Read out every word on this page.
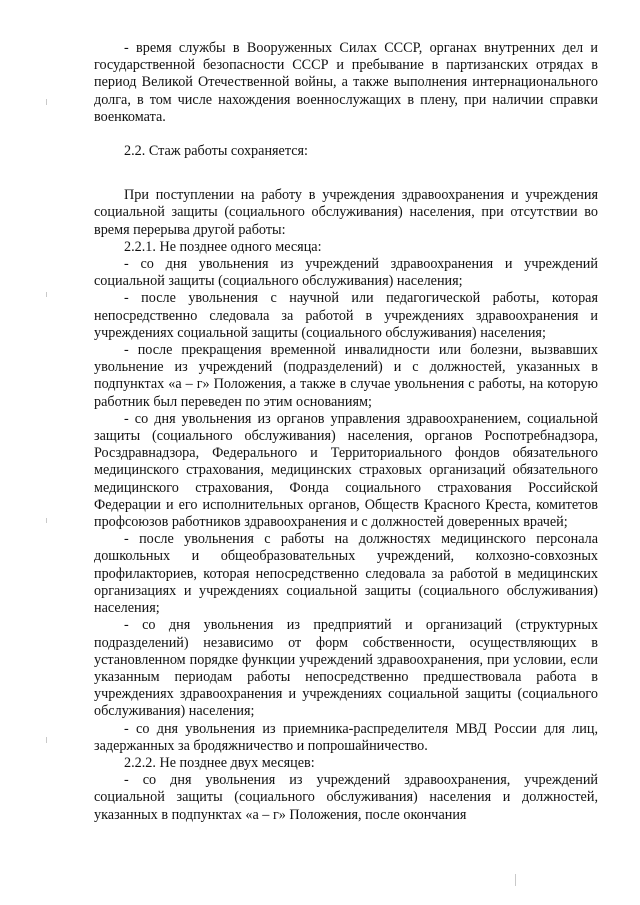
- время службы в Вооруженных Силах СССР, органах внутренних дел и государственной безопасности СССР и пребывание в партизанских отрядах в период Великой Отечественной войны, а также выполнения интернационального долга, в том числе нахождения военнослужащих в плену, при наличии справки военкомата.

2.2. Стаж работы сохраняется:

При поступлении на работу в учреждения здравоохранения и учреждения социальной защиты (социального обслуживания) населения, при отсутствии во время перерыва другой работы:

2.2.1. Не позднее одного месяца:

- со дня увольнения из учреждений здравоохранения и учреждений социальной защиты (социального обслуживания) населения;

- после увольнения с научной или педагогической работы, которая непосредственно следовала за работой в учреждениях здравоохранения и учреждениях социальной защиты (социального обслуживания) населения;

- после прекращения временной инвалидности или болезни, вызвавших увольнение из учреждений (подразделений) и с должностей, указанных в подпунктах «а – г» Положения, а также в случае увольнения с работы, на которую работник был переведен по этим основаниям;

- со дня увольнения из органов управления здравоохранением, социальной защиты (социального обслуживания) населения, органов Роспотребнадзора, Росздравнадзора, Федерального и Территориального фондов обязательного медицинского страхования, медицинских страховых организаций обязательного медицинского страхования, Фонда социального страхования Российской Федерации и его исполнительных органов, Обществ Красного Креста, комитетов профсоюзов работников здравоохранения и с должностей доверенных врачей;

- после увольнения с работы на должностях медицинского персонала дошкольных и общеобразовательных учреждений, колхозно-совхозных профилакториев, которая непосредственно следовала за работой в медицинских организациях и учреждениях социальной защиты (социального обслуживания) населения;

- со дня увольнения из предприятий и организаций (структурных подразделений) независимо от форм собственности, осуществляющих в установленном порядке функции учреждений здравоохранения, при условии, если указанным периодам работы непосредственно предшествовала работа в учреждениях здравоохранения и учреждениях социальной защиты (социального обслуживания) населения;

- со дня увольнения из приемника-распределителя МВД России для лиц, задержанных за бродяжничество и попрошайничество.

2.2.2. Не позднее двух месяцев:

- со дня увольнения из учреждений здравоохранения, учреждений социальной защиты (социального обслуживания) населения и должностей, указанных в подпунктах «а – г» Положения, после окончания
